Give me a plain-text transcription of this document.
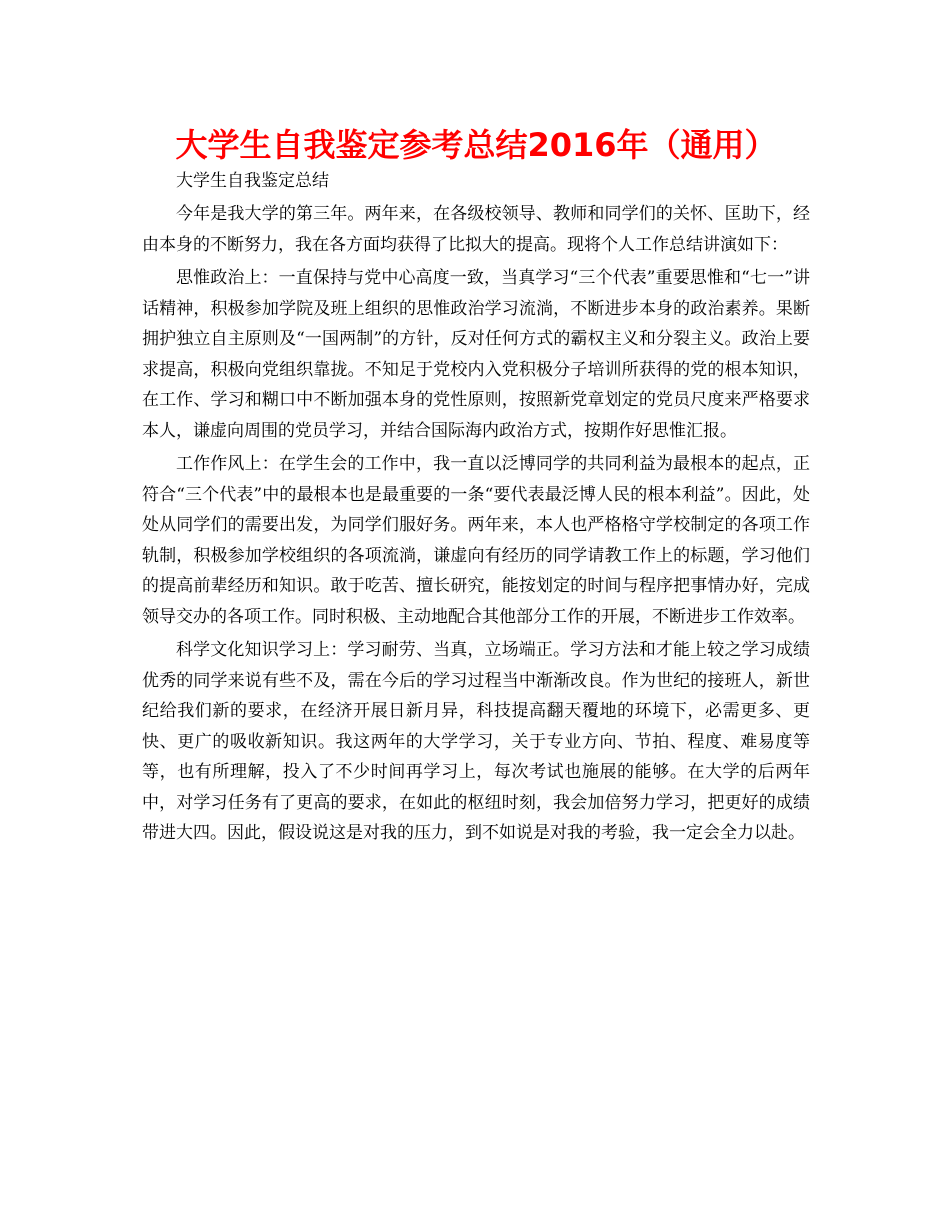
大学生自我鉴定参考总结2016年（通用）

大学生自我鉴定总结

今年是我大学的第三年。两年来，在各级校领导、教师和同学们的关怀、匡助下，经由本身的不断努力，我在各方面均获得了比拟大的提高。现将个人工作总结讲演如下：

思惟政治上：一直保持与党中心高度一致，当真学习“三个代表”重要思惟和“七一”讲话精神，积极参加学院及班上组织的思惟政治学习流淌，不断进步本身的政治素养。果断拥护独立自主原则及“一国两制”的方针，反对任何方式的霸权主义和分裂主义。政治上要求提高，积极向党组织靠拢。不知足于党校内入党积极分子培训所获得的党的根本知识，在工作、学习和糊口中不断加强本身的党性原则，按照新党章划定的党员尺度来严格要求本人，谦虚向周围的党员学习，并结合国际海内政治方式，按期作好思惟汇报。

工作作风上：在学生会的工作中，我一直以泛博同学的共同利益为最根本的起点，正符合“三个代表”中的最根本也是最重要的一条“要代表最泛博人民的根本利益”。因此，处处从同学们的需要出发，为同学们服好务。两年来，本人也严格格守学校制定的各项工作轨制，积极参加学校组织的各项流淌，谦虚向有经历的同学请教工作上的标题，学习他们的提高前辈经历和知识。敢于吃苦、擅长研究，能按划定的时间与程序把事情办好，完成领导交办的各项工作。同时积极、主动地配合其他部分工作的开展，不断进步工作效率。

科学文化知识学习上：学习耐劳、当真，立场端正。学习方法和才能上较之学习成绩优秀的同学来说有些不及，需在今后的学习过程当中渐渐改良。作为世纪的接班人，新世纪给我们新的要求，在经济开展日新月异，科技提高翻天覆地的环境下，必需更多、更快、更广的吸收新知识。我这两年的大学学习，关于专业方向、节拍、程度、难易度等等，也有所理解，投入了不少时间再学习上，每次考试也施展的能够。在大学的后两年中，对学习任务有了更高的要求，在如此的枢纽时刻，我会加倍努力学习，把更好的成绩带进大四。因此，假设说这是对我的压力，到不如说是对我的考验，我一定会全力以赴。
